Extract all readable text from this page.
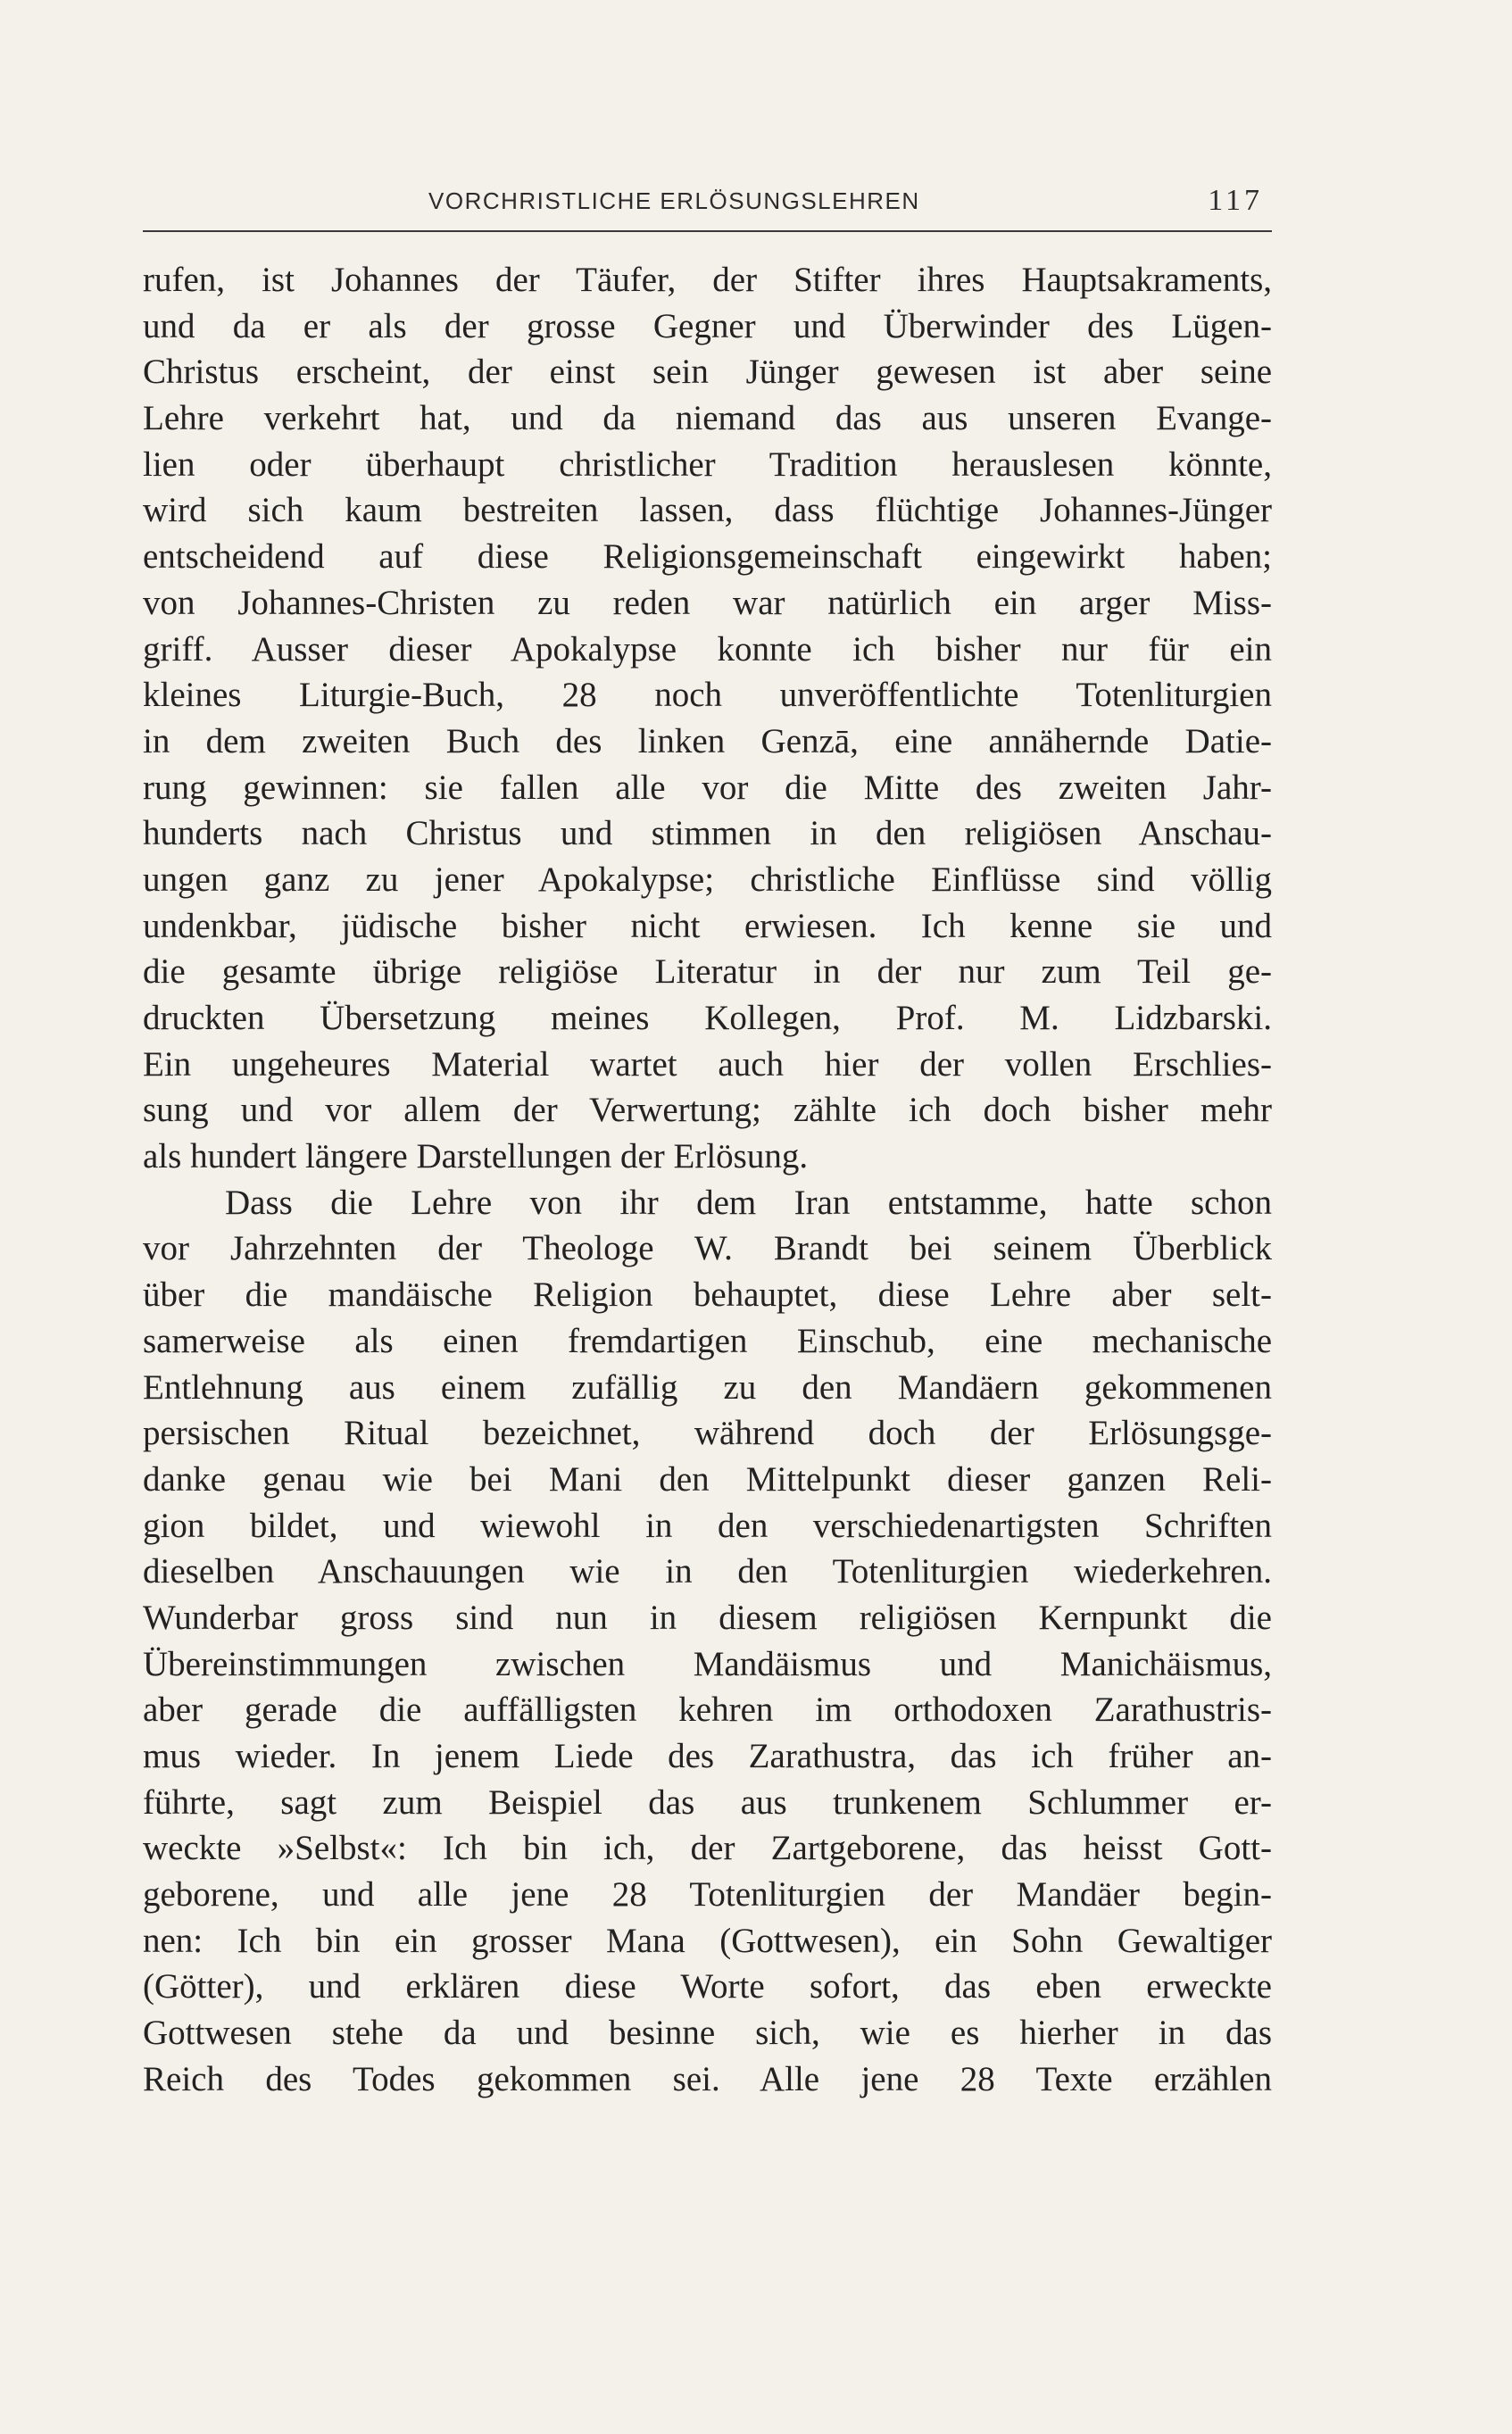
VORCHRISTLICHE ERLÖSUNGSLEHREN	117
rufen, ist Johannes der Täufer, der Stifter ihres Hauptsakraments,
und da er als der grosse Gegner und Überwinder des Lügen-
Christus erscheint, der einst sein Jünger gewesen ist aber seine
Lehre verkehrt hat, und da niemand das aus unseren Evange-
lien oder überhaupt christlicher Tradition herauslesen könnte,
wird sich kaum bestreiten lassen, dass flüchtige Johannes-Jünger
entscheidend auf diese Religionsgemeinschaft eingewirkt haben;
von Johannes-Christen zu reden war natürlich ein arger Miss-
griff. Ausser dieser Apokalypse konnte ich bisher nur für ein
kleines Liturgie-Buch, 28 noch unveröffentlichte Totenliturgien
in dem zweiten Buch des linken Genzā, eine annähernde Datie-
rung gewinnen: sie fallen alle vor die Mitte des zweiten Jahr-
hunderts nach Christus und stimmen in den religiösen Anschau-
ungen ganz zu jener Apokalypse; christliche Einflüsse sind völlig
undenkbar, jüdische bisher nicht erwiesen. Ich kenne sie und
die gesamte übrige religiöse Literatur in der nur zum Teil ge-
druckten Übersetzung meines Kollegen, Prof. M. Lidzbarski.
Ein ungeheures Material wartet auch hier der vollen Erschlies-
sung und vor allem der Verwertung; zählte ich doch bisher mehr
als hundert längere Darstellungen der Erlösung.
Dass die Lehre von ihr dem Iran entstamme, hatte schon
vor Jahrzehnten der Theologe W. Brandt bei seinem Überblick
über die mandäische Religion behauptet, diese Lehre aber selt-
samerweise als einen fremdartigen Einschub, eine mechanische
Entlehnung aus einem zufällig zu den Mandäern gekommenen
persischen Ritual bezeichnet, während doch der Erlösungsge-
danke genau wie bei Mani den Mittelpunkt dieser ganzen Reli-
gion bildet, und wiewohl in den verschiedenartigsten Schriften
dieselben Anschauungen wie in den Totenliturgien wiederkehren.
Wunderbar gross sind nun in diesem religiösen Kernpunkt die
Übereinstimmungen zwischen Mandäismus und Manichäismus,
aber gerade die auffälligsten kehren im orthodoxen Zarathustris-
mus wieder. In jenem Liede des Zarathustra, das ich früher an-
führte, sagt zum Beispiel das aus trunkenem Schlummer er-
weckte »Selbst«: Ich bin ich, der Zartgeborene, das heisst Gott-
geborene, und alle jene 28 Totenliturgien der Mandäer begin-
nen: Ich bin ein grosser Mana (Gottwesen), ein Sohn Gewaltiger
(Götter), und erklären diese Worte sofort, das eben erweckte
Gottwesen stehe da und besinne sich, wie es hierher in das
Reich des Todes gekommen sei. Alle jene 28 Texte erzählen
